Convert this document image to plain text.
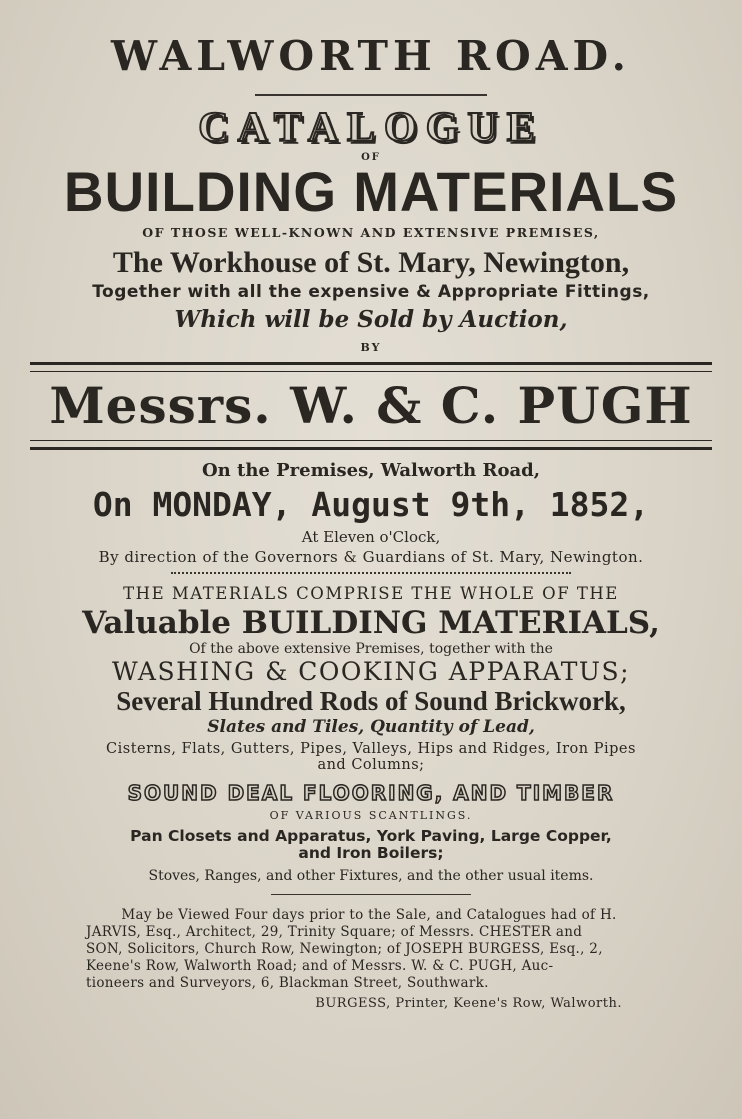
WALWORTH ROAD.
CATALOGUE
OF
BUILDING MATERIALS
OF THOSE WELL-KNOWN AND EXTENSIVE PREMISES,
The Workhouse of St. Mary, Newington,
Together with all the expensive & Appropriate Fittings,
Which will be Sold by Auction,
BY
Messrs. W. & C. PUGH
On the Premises, Walworth Road,
On MONDAY, August 9th, 1852,
At Eleven o'Clock,
By direction of the Governors & Guardians of St. Mary, Newington.
THE MATERIALS COMPRISE THE WHOLE OF THE
Valuable BUILDING MATERIALS,
Of the above extensive Premises, together with the
WASHING & COOKING APPARATUS;
Several Hundred Rods of Sound Brickwork,
Slates and Tiles, Quantity of Lead,
Cisterns, Flats, Gutters, Pipes, Valleys, Hips and Ridges, Iron Pipes
and Columns;
SOUND DEAL FLOORING, AND TIMBER
OF VARIOUS SCANTLINGS.
Pan Closets and Apparatus, York Paving, Large Copper,
and Iron Boilers;
Stoves, Ranges, and other Fixtures, and the other usual items.
May be Viewed Four days prior to the Sale, and Catalogues had of H.
JARVIS, Esq., Architect, 29, Trinity Square; of Messrs. CHESTER and
SON, Solicitors, Church Row, Newington; of JOSEPH BURGESS, Esq., 2,
Keene's Row, Walworth Road; and of Messrs. W. & C. PUGH, Auc-
tioneers and Surveyors, 6, Blackman Street, Southwark.
BURGESS, Printer, Keene's Row, Walworth.
